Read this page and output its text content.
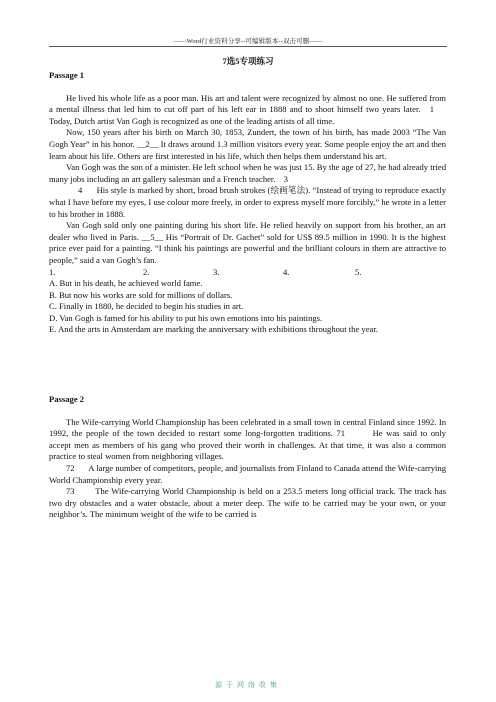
——Word行业资料分享--可编辑版本--双击可删——
7选5专项练习

Passage 1

He lived his whole life as a poor man. His art and talent were recognized by almost no one. He suffered from a mental illness that led him to cut off part of his left ear in 1888 and to shoot himself two years later. 1 Today, Dutch artist Van Gogh is recognized as one of the leading artists of all time.

Now, 150 years after his birth on March 30, 1853, Zundert, the town of his birth, has made 2003 “The Van Gogh Year” in his honor. __2__ It draws around 1.3 million visitors every year. Some people enjoy the art and then learn about his life. Others are first interested in his life, which then helps them understand his art.

Van Gogh was the son of a minister. He left school when he was just 15. By the age of 27, he had already tried many jobs including an art gallery salesman and a French teacher. 3

4 His style is marked by short, broad brush strokes (绘画笔法). “Instead of trying to reproduce exactly what I have before my eyes, I use colour more freely, in order to express myself more forcibly,” he wrote in a letter to his brother in 1888.

Van Gogh sold only one painting during his short life. He relied heavily on support from his brother, an art dealer who lived in Paris. __5__ His “Portrait of Dr. Gachet” sold for US$ 89.5 million in 1990. It is the highest price ever paid for a painting. “I think his paintings are powerful and the brilliant colours in them are attractive to people,” said a van Gogh’s fan.

1.	2.	3.	4.	5.

A. But in his death, he achieved world fame.

B. But now his works are sold for millions of dollars.

C. Finally in 1880, he decided to begin his studies in art.

D. Van Gogh is famed for his ability to put his own emotions into his paintings.

E. And the arts in Amsterdam are marking the anniversary with exhibitions throughout the year.

Passage 2

The Wife-carrying World Championship has been celebrated in a small town in central Finland since 1992. In 1992, the people of the town decided to restart some long-forgotten traditions. 71	He was said to only accept men as members of his gang who proved their worth in challenges. At that time, it was also a common practice to steal women from neighboring villages.

72 A large number of competitors, people, and journalists from Finland to Canada attend the Wife-carrying World Championship every year.

73 The Wife-carrying World Championship is held on a 253.5 meters long official track. The track has two dry obstacles and a water obstacle, about a meter deep. The wife to be carried may be your own, or your neighbor’s. The minimum weight of the wife to be carried is

源于网络收集
